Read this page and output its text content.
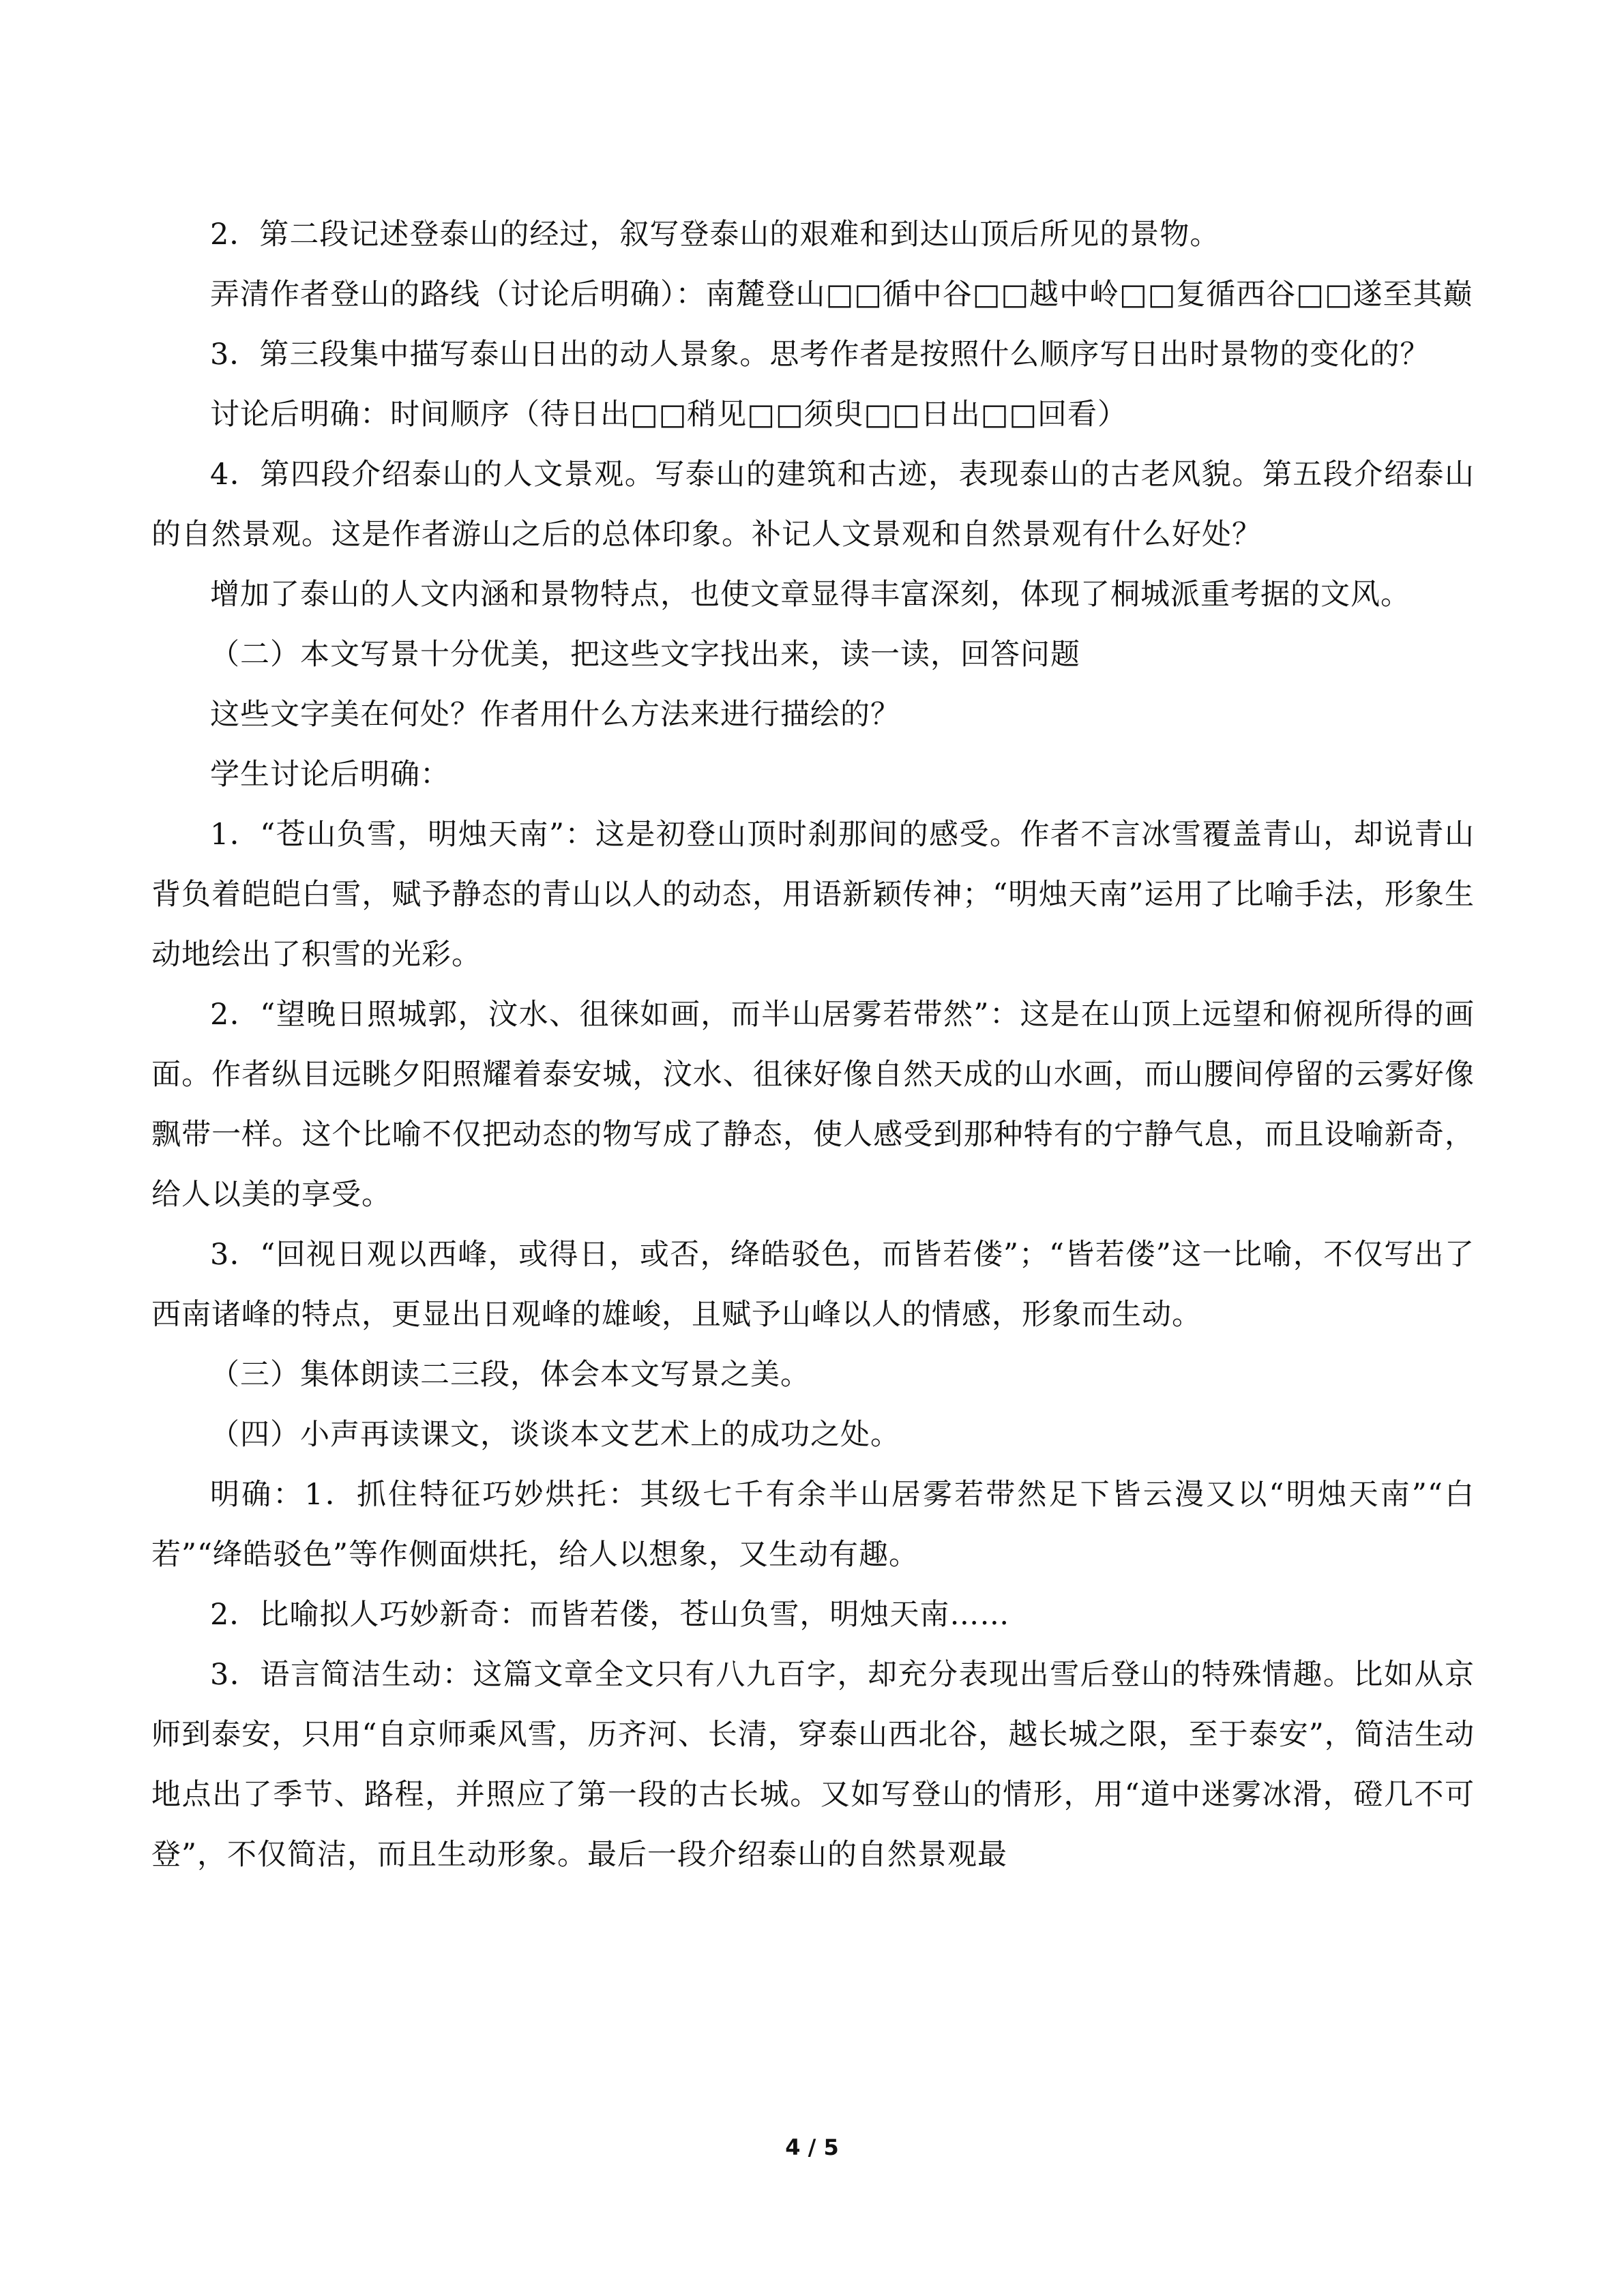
2．第二段记述登泰山的经过，叙写登泰山的艰难和到达山顶后所见的景物。

弄清作者登山的路线（讨论后明确）：南麓登山□□循中谷□□越中岭□□复循西谷□□遂至其巅

3．第三段集中描写泰山日出的动人景象。思考作者是按照什么顺序写日出时景物的变化的？

讨论后明确：时间顺序（待日出□□稍见□□须臾□□日出□□回看）

4．第四段介绍泰山的人文景观。写泰山的建筑和古迹，表现泰山的古老风貌。第五段介绍泰山的自然景观。这是作者游山之后的总体印象。补记人文景观和自然景观有什么好处？

增加了泰山的人文内涵和景物特点，也使文章显得丰富深刻，体现了桐城派重考据的文风。

（二）本文写景十分优美，把这些文字找出来，读一读，回答问题

这些文字美在何处？作者用什么方法来进行描绘的？

学生讨论后明确：

1．“苍山负雪，明烛天南”：这是初登山顶时刹那间的感受。作者不言冰雪覆盖青山，却说青山背负着皑皑白雪，赋予静态的青山以人的动态，用语新颖传神；“明烛天南”运用了比喻手法，形象生动地绘出了积雪的光彩。

2．“望晚日照城郭，汶水、徂徕如画，而半山居雾若带然”：这是在山顶上远望和俯视所得的画面。作者纵目远眺夕阳照耀着泰安城，汶水、徂徕好像自然天成的山水画，而山腰间停留的云雾好像飘带一样。这个比喻不仅把动态的物写成了静态，使人感受到那种特有的宁静气息，而且设喻新奇，给人以美的享受。

3．“回视日观以西峰，或得日，或否，绛皓驳色，而皆若偻”；“皆若偻”这一比喻，不仅写出了西南诸峰的特点，更显出日观峰的雄峻，且赋予山峰以人的情感，形象而生动。

（三）集体朗读二三段，体会本文写景之美。

（四）小声再读课文，谈谈本文艺术上的成功之处。

明确：1．抓住特征巧妙烘托：其级七千有余半山居雾若带然足下皆云漫又以“明烛天南”“白若”“绛皓驳色”等作侧面烘托，给人以想象，又生动有趣。

2．比喻拟人巧妙新奇：而皆若偻，苍山负雪，明烛天南……

3．语言简洁生动：这篇文章全文只有八九百字，却充分表现出雪后登山的特殊情趣。比如从京师到泰安，只用“自京师乘风雪，历齐河、长清，穿泰山西北谷，越长城之限，至于泰安”，简洁生动地点出了季节、路程，并照应了第一段的古长城。又如写登山的情形，用“道中迷雾冰滑，磴几不可登”，不仅简洁，而且生动形象。最后一段介绍泰山的自然景观最

4 / 5
